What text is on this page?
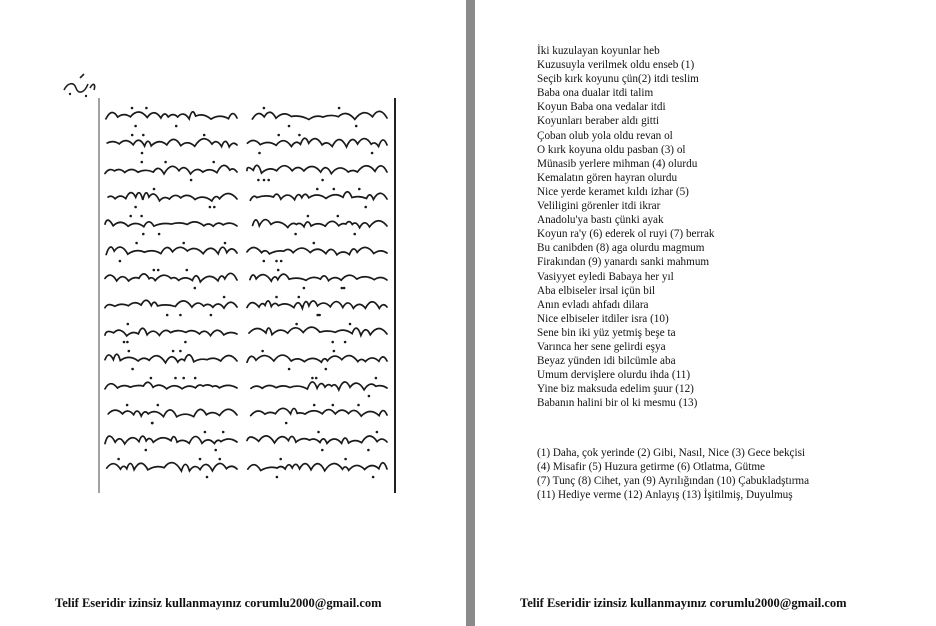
Telif Eseridir izinsiz kullanmayınız corumlu2000@gmail.com
İki kuzulayan koyunlar heb
Kuzusuyla verilmek oldu enseb (1)
Seçib kırk koyunu çün(2) itdi teslim
Baba ona dualar itdi talim
Koyun Baba ona vedalar itdi
Koyunları beraber aldı gitti
Çoban olub yola oldu revan ol
O kırk koyuna oldu pasban (3) ol
Münasib yerlere mihman (4) olurdu
Kemalatın gören hayran olurdu
Nice yerde keramet kıldı izhar (5)
Veliligini görenler itdi ikrar
Anadolu'ya bastı çünki ayak
Koyun ra'y (6) ederek ol ruyi (7) berrak
Bu canibden (8) aga olurdu magmum
Firakından (9) yanardı sanki mahmum
Vasiyyet eyledi Babaya her yıl
Aba elbiseler irsal içün bil
Anın evladı ahfadı dilara
Nice elbiseler itdiler isra (10)
Sene bin iki yüz yetmiş beşe ta
Varınca her sene gelirdi eşya
Beyaz yünden idi bilcümle aba
Umum dervişlere olurdu ihda (11)
Yine biz maksuda edelim şuur (12)
Babanın halini bir ol ki mesmu (13)
(1) Daha, çok yerinde (2) Gibi, Nasıl, Nice (3) Gece bekçisi
(4) Misafir (5) Huzura getirme (6) Otlatma, Gütme
(7) Tunç (8) Cihet, yan (9) Ayrılığından (10) Çabukladştırma
(11) Hediye verme (12) Anlayış (13) İşitilmiş, Duyulmuş
Telif Eseridir izinsiz kullanmayınız corumlu2000@gmail.com
